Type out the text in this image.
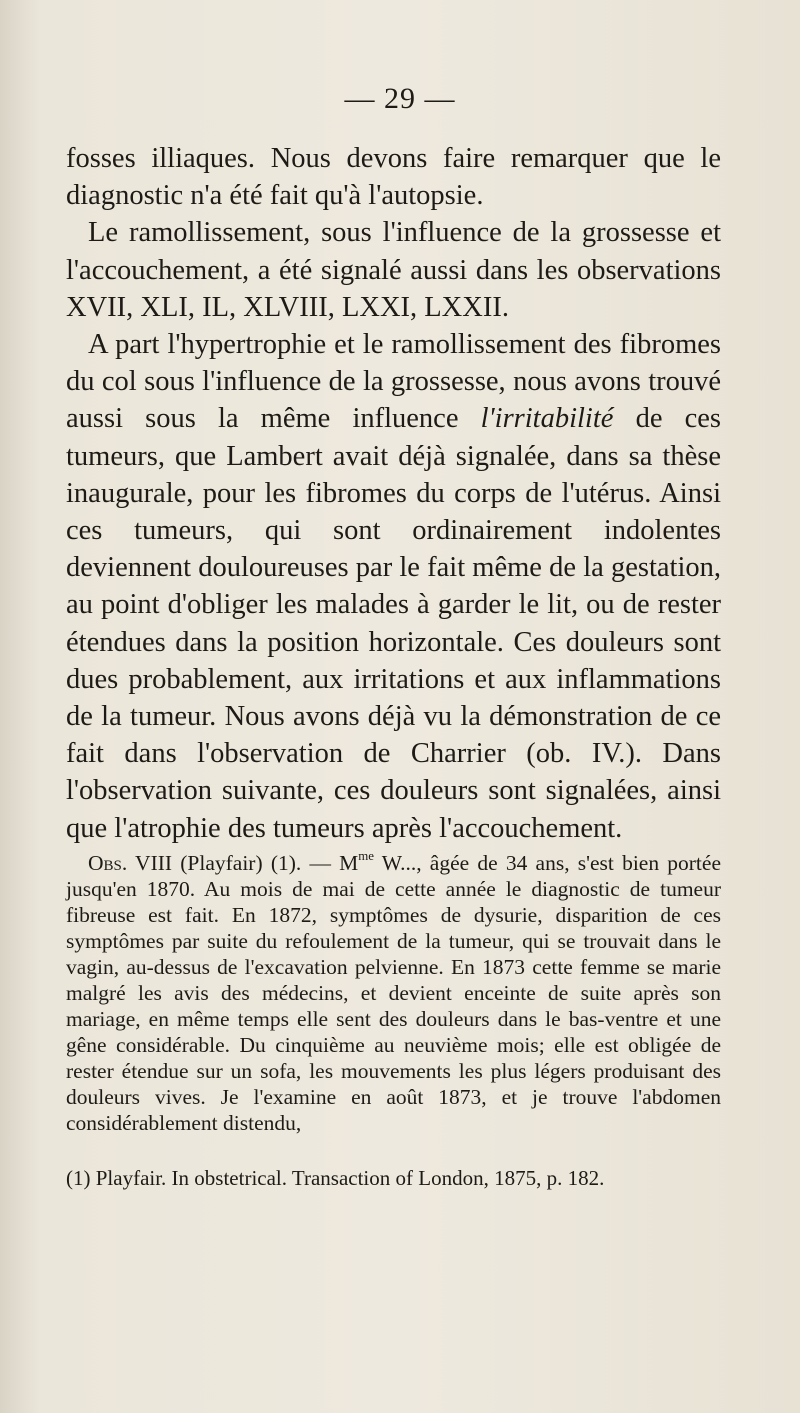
— 29 —

fosses illiaques. Nous devons faire remarquer que le diagnostic n'a été fait qu'à l'autopsie.

Le ramollissement, sous l'influence de la grossesse et l'accouchement, a été signalé aussi dans les observations XVII, XLI, IL, XLVIII, LXXI, LXXII.

A part l'hypertrophie et le ramollissement des fibromes du col sous l'influence de la grossesse, nous avons trouvé aussi sous la même influence l'irritabilité de ces tumeurs, que Lambert avait déjà signalée, dans sa thèse inaugurale, pour les fibromes du corps de l'utérus. Ainsi ces tumeurs, qui sont ordinairement indolentes deviennent douloureuses par le fait même de la gestation, au point d'obliger les malades à garder le lit, ou de rester étendues dans la position horizontale. Ces douleurs sont dues probablement, aux irritations et aux inflammations de la tumeur. Nous avons déjà vu la démonstration de ce fait dans l'observation de Charrier (ob. IV.). Dans l'observation suivante, ces douleurs sont signalées, ainsi que l'atrophie des tumeurs après l'accouchement.

Obs. VIII (Playfair) (1). — $M^{me}$ W..., âgée de 34 ans, s'est bien portée jusqu'en 1870. Au mois de mai de cette année le diagnostic de tumeur fibreuse est fait. En 1872, symptômes de dysurie, disparition de ces symptômes par suite du refoulement de la tumeur, qui se trouvait dans le vagin, au-dessus de l'excavation pelvienne. En 1873 cette femme se marie malgré les avis des médecins, et devient enceinte de suite après son mariage, en même temps elle sent des douleurs dans le bas-ventre et une gêne considérable. Du cinquième au neuvième mois; elle est obligée de rester étendue sur un sofa, les mouvements les plus légers produisant des douleurs vives. Je l'examine en août 1873, et je trouve l'abdomen considérablement distendu,
(1) Playfair. In obstetrical. Transaction of London, 1875, p. 182.
